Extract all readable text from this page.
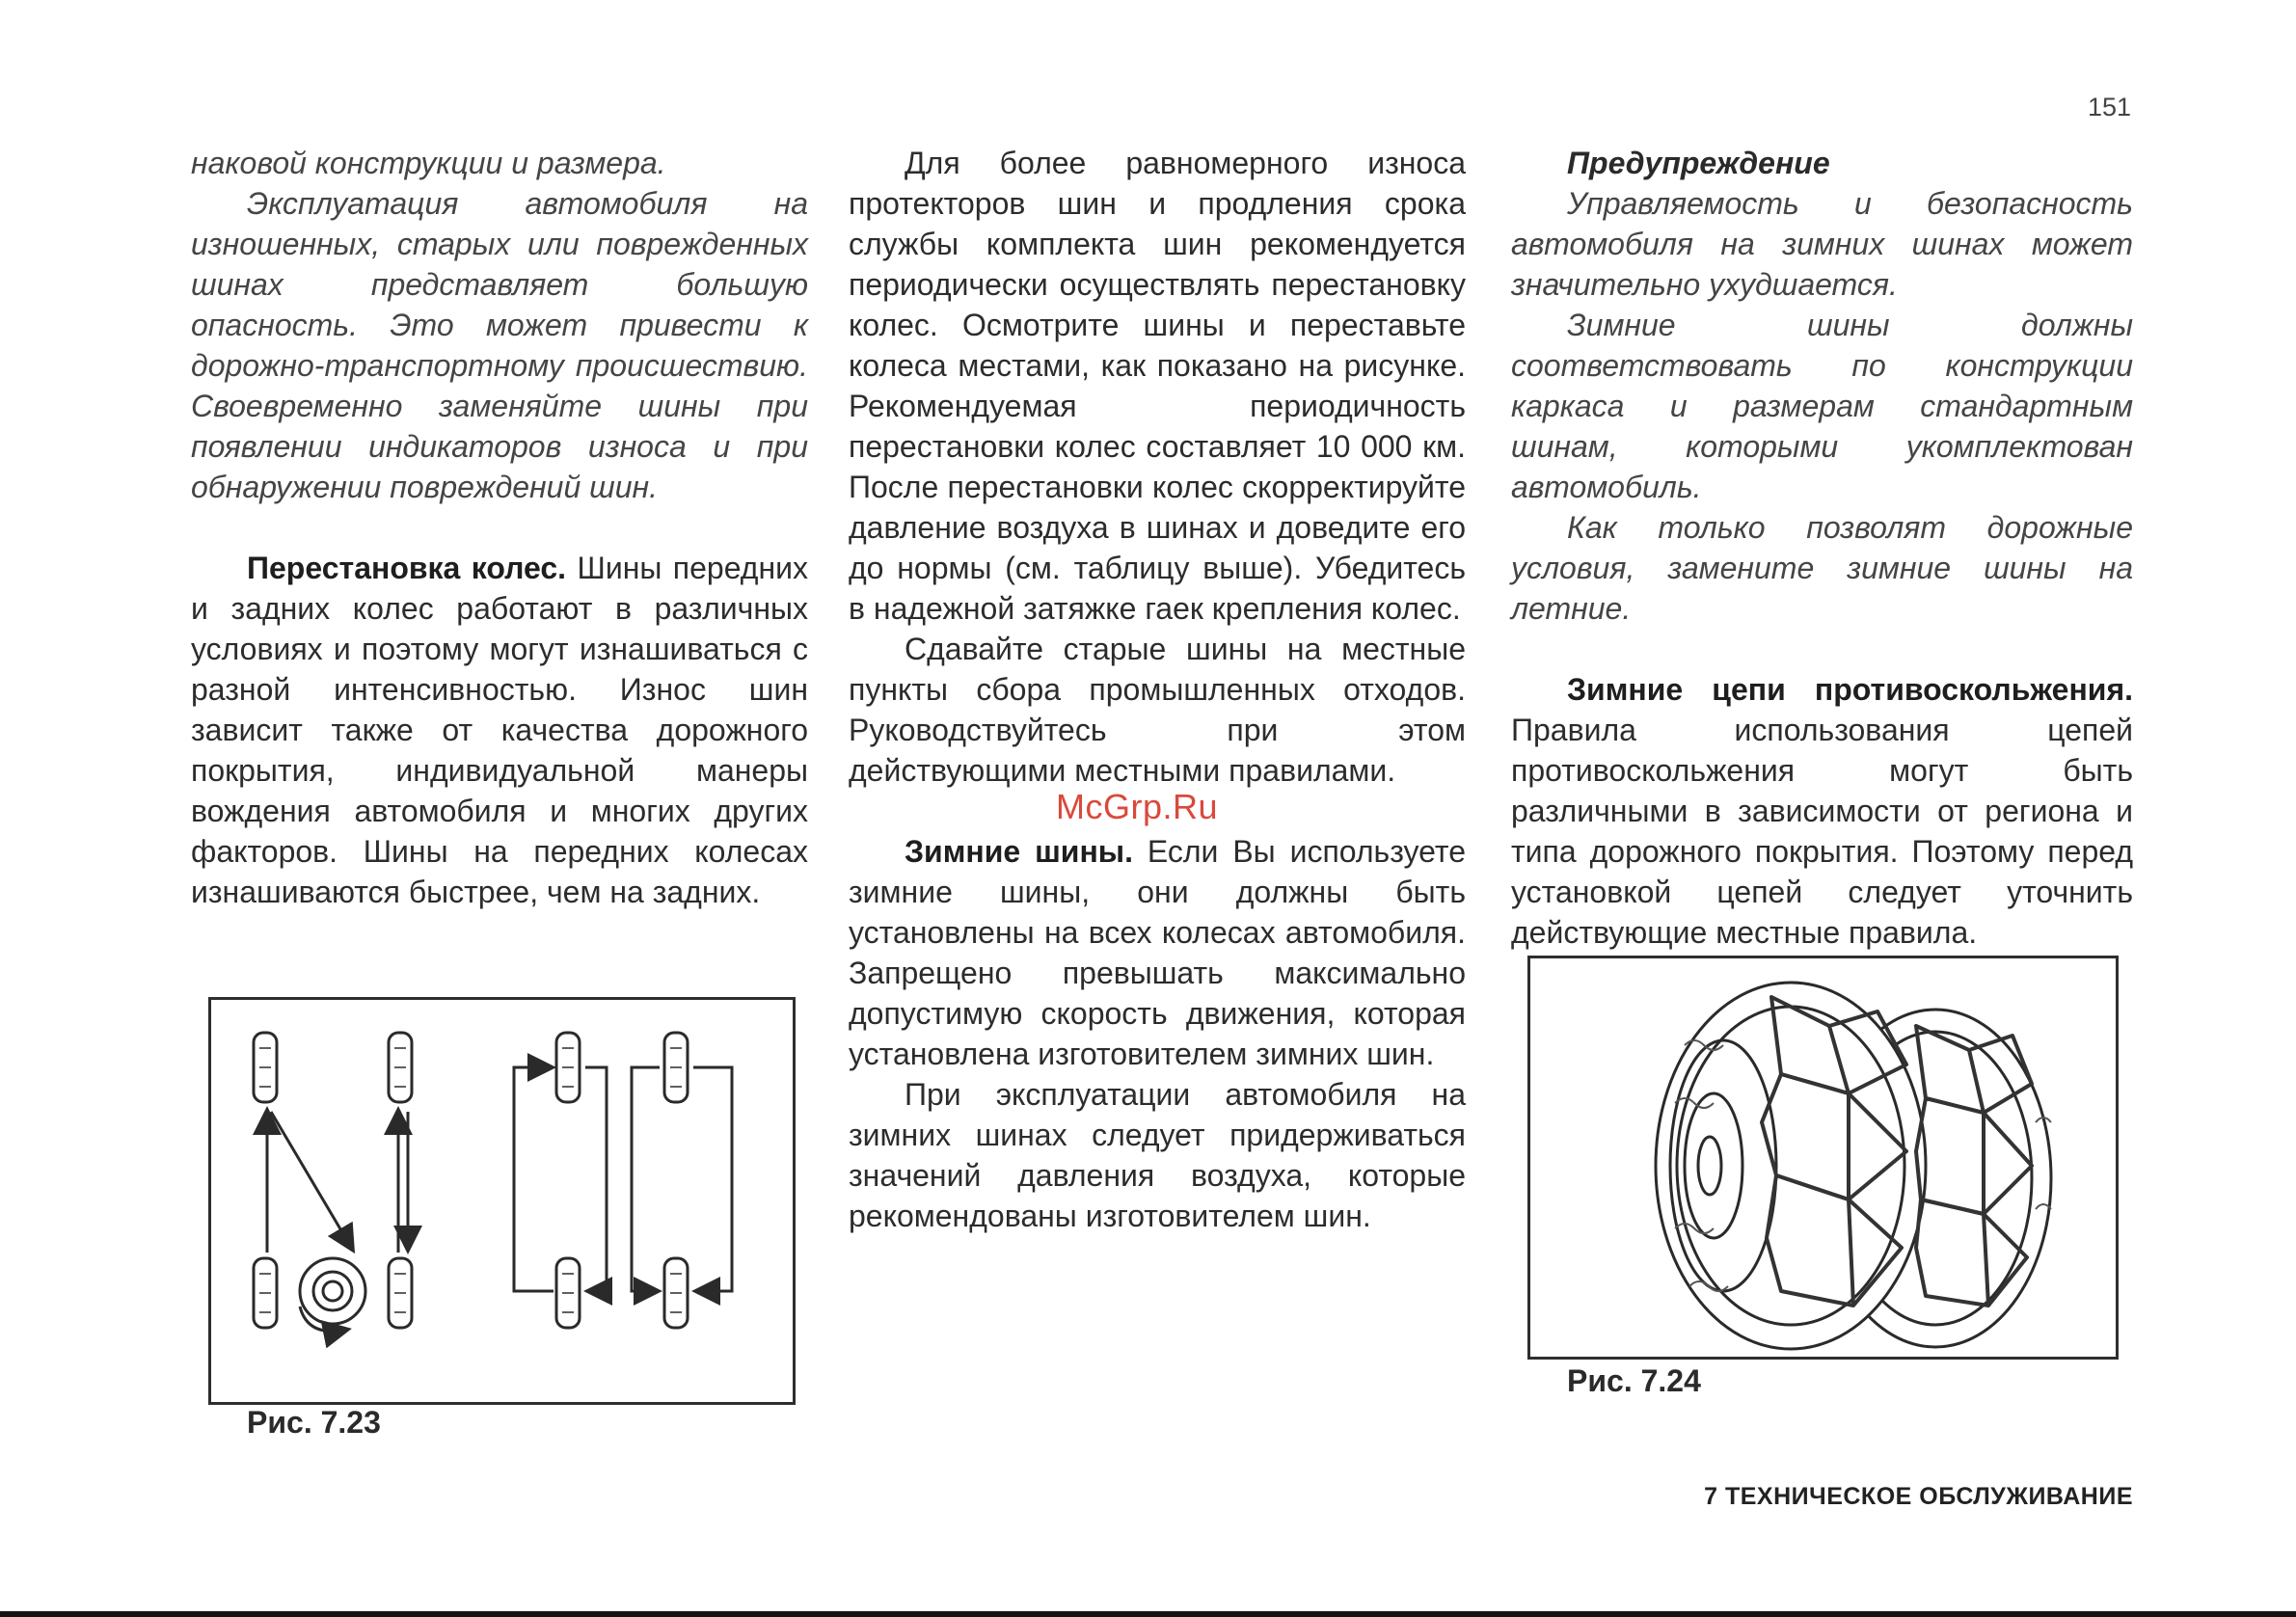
151

наковой конструкции и размера.

Эксплуатация автомобиля на изношенных, старых или поврежденных шинах представляет большую опасность. Это может привести к дорожно-транспортному происшествию. Своевременно заменяйте шины при появлении индикаторов износа и при обнаружении повреждений шин.

Перестановка колес. Шины передних и задних колес работают в различных условиях и поэтому могут изнашиваться с разной интенсивностью. Износ шин зависит также от качества дорожного покрытия, индивидуальной манеры вождения автомобиля и многих других факторов. Шины на передних колесах изнашиваются быстрее, чем на задних.

Рис. 7.23

Для более равномерного износа протекторов шин и продления срока службы комплекта шин рекомендуется периодически осуществлять перестановку колес. Осмотрите шины и переставьте колеса местами, как показано на рисунке. Рекомендуемая периодичность перестановки колес составляет 10 000 км. После перестановки колес скорректируйте давление воздуха в шинах и доведите его до нормы (см. таблицу выше). Убедитесь в надежной затяжке гаек крепления колес.

Сдавайте старые шины на местные пункты сбора промышленных отходов. Руководствуйтесь при этом действующими местными правилами.

Зимние шины. Если Вы используете зимние шины, они должны быть установлены на всех колесах автомобиля. Запрещено превышать максимально допустимую скорость движения, которая установлена изготовителем зимних шин.

При эксплуатации автомобиля на зимних шинах следует придерживаться значений давления воздуха, которые рекомендованы изготовителем шин.

McGrp.Ru

Предупреждение

Управляемость и безопасность автомобиля на зимних шинах может значительно ухудшается.

Зимние шины должны соответствовать по конструкции каркаса и размерам стандартным шинам, которыми укомплектован автомобиль.

Как только позволят дорожные условия, замените зимние шины на летние.

Зимние цепи противоскольжения. Правила использования цепей противоскольжения могут быть различными в зависимости от региона и типа дорожного покрытия. Поэтому перед установкой цепей следует уточнить действующие местные правила.

Рис. 7.24
7 ТЕХНИЧЕСКОЕ ОБСЛУЖИВАНИЕ
